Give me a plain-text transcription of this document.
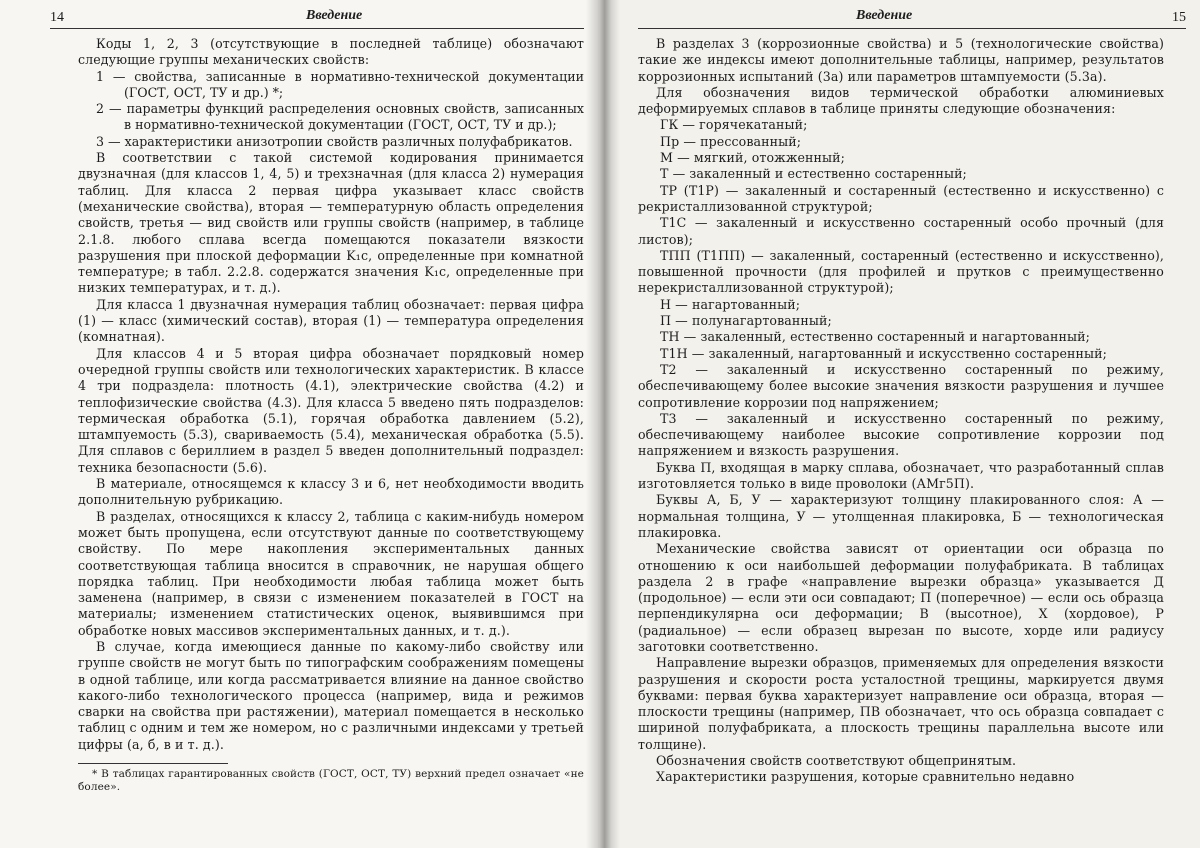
14	Введение

Коды 1, 2, 3 (отсутствующие в последней таблице) обозначают следующие группы механических свойств:

1 — свойства, записанные в нормативно-технической документации (ГОСТ, ОСТ, ТУ и др.) *;
2 — параметры функций распределения основных свойств, записанных в нормативно-технической документации (ГОСТ, ОСТ, ТУ и др.);
3 — характеристики анизотропии свойств различных полуфабрикатов.

В соответствии с такой системой кодирования принимается двузначная (для классов 1, 4, 5) и трехзначная (для класса 2) нумерация таблиц. Для класса 2 первая цифра указывает класс свойств (механические свойства), вторая — температурную область определения свойств, третья — вид свойств или группы свойств (например, в таблице 2.1.8. любого сплава всегда помещаются показатели вязкости разрушения при плоской деформации K₁c, определенные при комнатной температуре; в табл. 2.2.8. содержатся значения K₁c, определенные при низких температурах, и т. д.).

Для класса 1 двузначная нумерация таблиц обозначает: первая цифра (1) — класс (химический состав), вторая (1) — температура определения (комнатная).

Для классов 4 и 5 вторая цифра обозначает порядковый номер очередной группы свойств или технологических характеристик. В классе 4 три подраздела: плотность (4.1), электрические свойства (4.2) и теплофизические свойства (4.3). Для класса 5 введено пять подразделов: термическая обработка (5.1), горячая обработка давлением (5.2), штампуемость (5.3), свариваемость (5.4), механическая обработка (5.5). Для сплавов с бериллием в раздел 5 введен дополнительный подраздел: техника безопасности (5.6).

В материале, относящемся к классу 3 и 6, нет необходимости вводить дополнительную рубрикацию.

В разделах, относящихся к классу 2, таблица с каким-нибудь номером может быть пропущена, если отсутствуют данные по соответствующему свойству. По мере накопления экспериментальных данных соответствующая таблица вносится в справочник, не нарушая общего порядка таблиц. При необходимости любая таблица может быть заменена (например, в связи с изменением показателей в ГОСТ на материалы; изменением статистических оценок, выявившимся при обработке новых массивов экспериментальных данных, и т. д.).

В случае, когда имеющиеся данные по какому-либо свойству или группе свойств не могут быть по типографским соображениям помещены в одной таблице, или когда рассматривается влияние на данное свойство какого-либо технологического процесса (например, вида и режимов сварки на свойства при растяжении), материал помещается в несколько таблиц с одним и тем же номером, но с различными индексами у третьей цифры (а, б, в и т. д.).

* В таблицах гарантированных свойств (ГОСТ, ОСТ, ТУ) верхний предел означает «не более».

Введение	15

В разделах 3 (коррозионные свойства) и 5 (технологические свойства) такие же индексы имеют дополнительные таблицы, например, результатов коррозионных испытаний (3а) или параметров штампуемости (5.3а).

Для обозначения видов термической обработки алюминиевых деформируемых сплавов в таблице приняты следующие обозначения:

ГК — горячекатаный;

Пр — прессованный;

М — мягкий, отожженный;

Т — закаленный и естественно состаренный;

ТР (Т1Р) — закаленный и состаренный (естественно и искусственно) с рекристаллизованной структурой;

Т1С — закаленный и искусственно состаренный особо прочный (для листов);

ТПП (Т1ПП) — закаленный, состаренный (естественно и искусственно), повышенной прочности (для профилей и прутков с преимущественно нерекристаллизованной структурой);

Н — нагартованный;

П — полунагартованный;

ТН — закаленный, естественно состаренный и нагартованный;

Т1Н — закаленный, нагартованный и искусственно состаренный;

Т2 — закаленный и искусственно состаренный по режиму, обеспечивающему более высокие значения вязкости разрушения и лучшее сопротивление коррозии под напряжением;

Т3 — закаленный и искусственно состаренный по режиму, обеспечивающему наиболее высокие сопротивление коррозии под напряжением и вязкость разрушения.

Буква П, входящая в марку сплава, обозначает, что разработанный сплав изготовляется только в виде проволоки (АМг5П).

Буквы А, Б, У — характеризуют толщину плакированного слоя: А — нормальная толщина, У — утолщенная плакировка, Б — технологическая плакировка.

Механические свойства зависят от ориентации оси образца по отношению к оси наибольшей деформации полуфабриката. В таблицах раздела 2 в графе «направление вырезки образца» указывается Д (продольное) — если эти оси совпадают; П (поперечное) — если ось образца перпендикулярна оси деформации; В (высотное), Х (хордовое), Р (радиальное) — если образец вырезан по высоте, хорде или радиусу заготовки соответственно.

Направление вырезки образцов, применяемых для определения вязкости разрушения и скорости роста усталостной трещины, маркируется двумя буквами: первая буква характеризует направление оси образца, вторая — плоскости трещины (например, ПВ обозначает, что ось образца совпадает с шириной полуфабриката, а плоскость трещины параллельна высоте или толщине).

Обозначения свойств соответствуют общепринятым.

Характеристики разрушения, которые сравнительно недавно
